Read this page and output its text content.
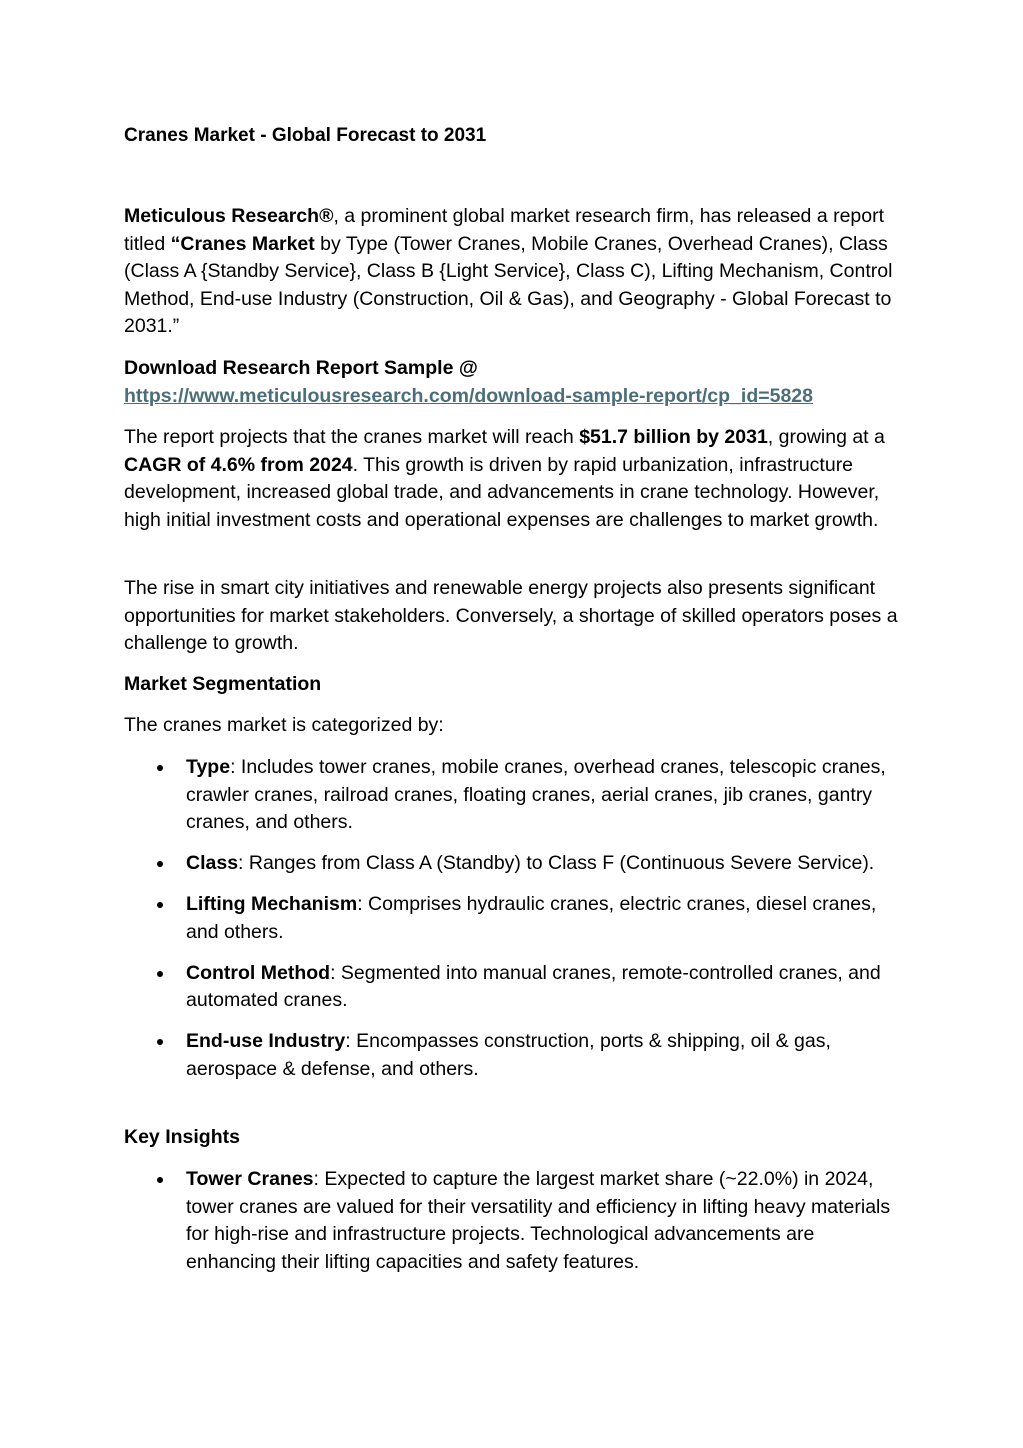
Cranes Market - Global Forecast to 2031

Meticulous Research®, a prominent global market research firm, has released a report titled “Cranes Market by Type (Tower Cranes, Mobile Cranes, Overhead Cranes), Class (Class A {Standby Service}, Class B {Light Service}, Class C), Lifting Mechanism, Control Method, End-use Industry (Construction, Oil & Gas), and Geography - Global Forecast to 2031.”

Download Research Report Sample @
https://www.meticulousresearch.com/download-sample-report/cp_id=5828

The report projects that the cranes market will reach $51.7 billion by 2031, growing at a CAGR of 4.6% from 2024. This growth is driven by rapid urbanization, infrastructure development, increased global trade, and advancements in crane technology. However, high initial investment costs and operational expenses are challenges to market growth.

The rise in smart city initiatives and renewable energy projects also presents significant opportunities for market stakeholders. Conversely, a shortage of skilled operators poses a challenge to growth.

Market Segmentation

The cranes market is categorized by:

Type: Includes tower cranes, mobile cranes, overhead cranes, telescopic cranes, crawler cranes, railroad cranes, floating cranes, aerial cranes, jib cranes, gantry cranes, and others.
Class: Ranges from Class A (Standby) to Class F (Continuous Severe Service).
Lifting Mechanism: Comprises hydraulic cranes, electric cranes, diesel cranes, and others.
Control Method: Segmented into manual cranes, remote-controlled cranes, and automated cranes.
End-use Industry: Encompasses construction, ports & shipping, oil & gas, aerospace & defense, and others.
Key Insights
Tower Cranes: Expected to capture the largest market share (~22.0%) in 2024, tower cranes are valued for their versatility and efficiency in lifting heavy materials for high-rise and infrastructure projects. Technological advancements are enhancing their lifting capacities and safety features.
